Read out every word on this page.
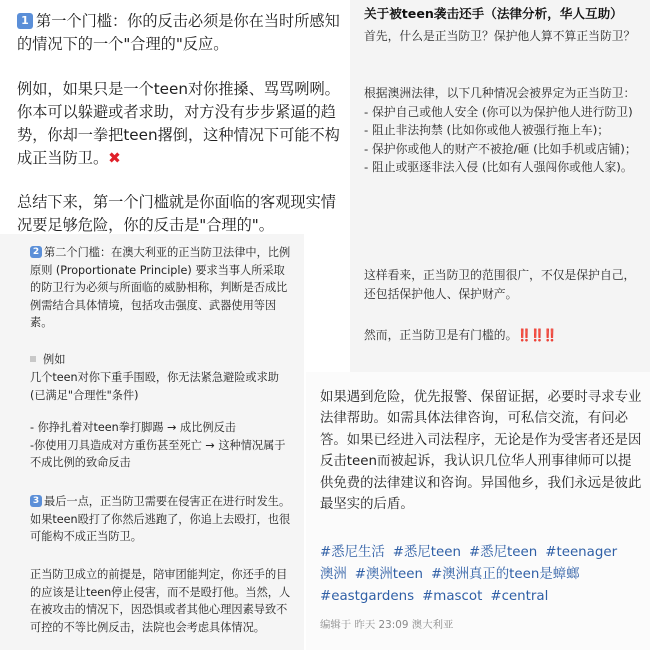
1 第一个门槛：你的反击必须是你在当时所感知的情况下的一个"合理的"反应。
例如，如果只是一个teen对你推搡、骂骂咧咧。你本可以躲避或者求助，对方没有步步紧逼的趋势，你却一拳把teen撂倒，这种情况下可能不构成正当防卫。✖
总结下来，第一个门槛就是你面临的客观现实情况要足够危险，你的反击是"合理的"。
2 第二个门槛：在澳大利亚的正当防卫法律中，比例原则 (Proportionate Principle) 要求当事人所采取的防卫行为必须与所面临的威胁相称，判断是否成比例需结合具体情境，包括攻击强度、武器使用等因素。
例如
几个teen对你下重手围殴，你无法紧急避险或求助 (已满足"合理性"条件)
- 你挣扎着对teen拳打脚踢 → 成比例反击
-你使用刀具造成对方重伤甚至死亡 → 这种情况属于不成比例的致命反击
3 最后一点，正当防卫需要在侵害正在进行时发生。如果teen殴打了你然后逃跑了，你追上去殴打，也很可能构不成正当防卫。
正当防卫成立的前提是，陪审团能判定，你还手的目的应该是让teen停止侵害，而不是殴打他。当然，人在被攻击的情况下，因恐惧或者其他心理因素导致不可控的不等比例反击，法院也会考虑具体情况。
关于被teen袭击还手（法律分析，华人互助）
首先，什么是正当防卫？保护他人算不算正当防卫？
根据澳洲法律，以下几种情况会被界定为正当防卫：
- 保护自己或他人安全 (你可以为保护他人进行防卫)
- 阻止非法拘禁 (比如你或他人被强行拖上车)；
- 保护你或他人的财产不被抢/砸 (比如手机或店铺)；
- 阻止或驱逐非法入侵 (比如有人强闯你或他人家)。
这样看来，正当防卫的范围很广，不仅是保护自己，还包括保护他人、保护财产。
然而，正当防卫是有门槛的。‼️‼️‼️
如果遇到危险，优先报警、保留证据，必要时寻求专业法律帮助。如需具体法律咨询，可私信交流，有问必答。如果已经进入司法程序，无论是作为受害者还是因反击teen而被起诉，我认识几位华人刑事律师可以提供免费的法律建议和咨询。异国他乡，我们永远是彼此最坚实的后盾。
#悉尼生活 #悉尼teen #悉尼teen #teenager 澳洲 #澳洲teen #澳洲真正的teen是蟑螂 #eastgardens #mascot #central
编辑于 昨天 23:09 澳大利亚
